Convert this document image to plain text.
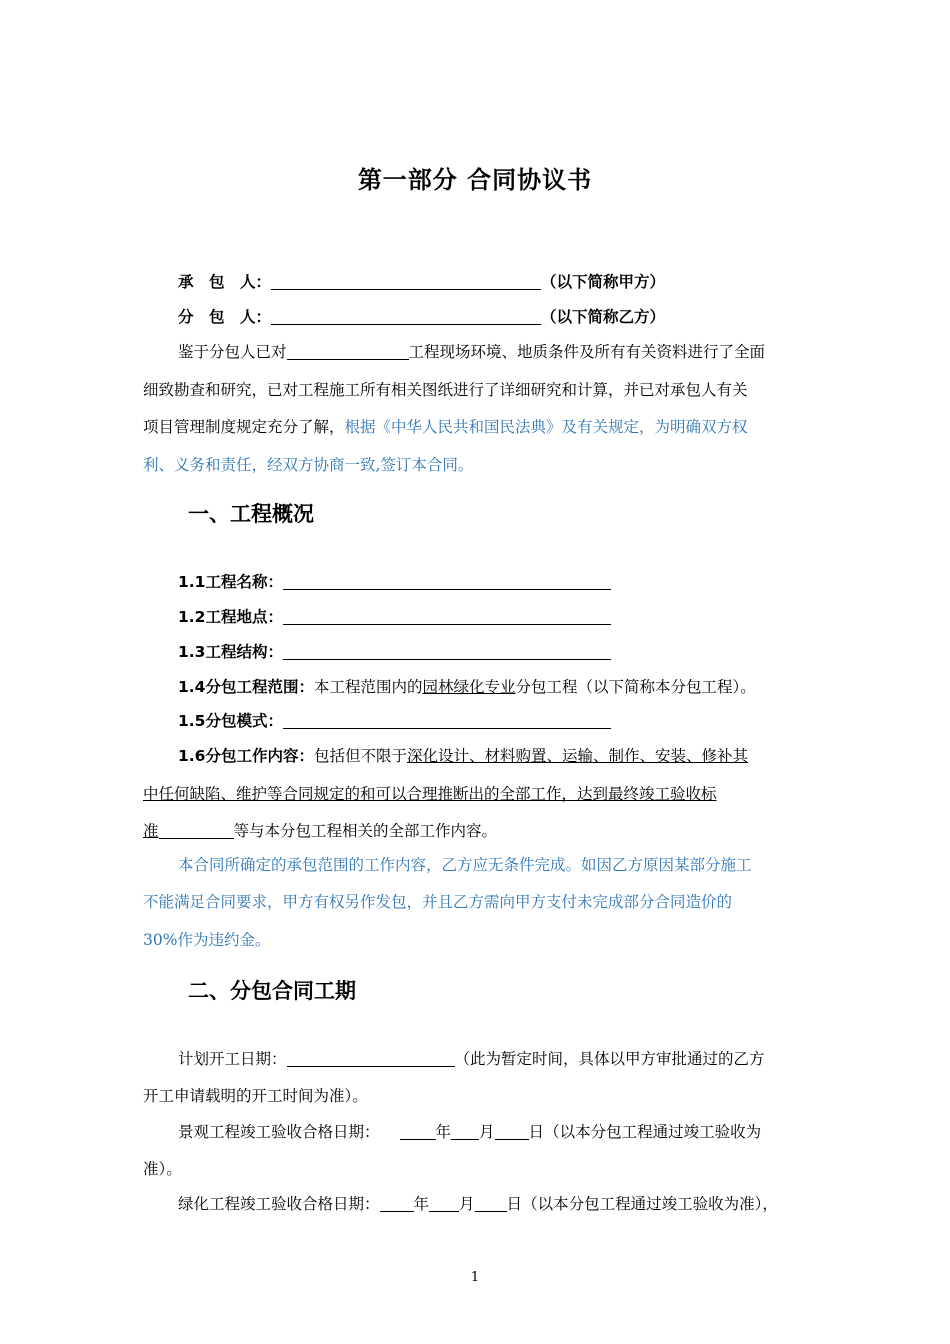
第一部分 合同协议书
承　包　人：	（以下简称甲方）
分　包　人：	（以下简称乙方）
鉴于分包人已对	工程现场环境、地质条件及所有有关资料进行了全面
细致勘查和研究，已对工程施工所有相关图纸进行了详细研究和计算，并已对承包人有关
项目管理制度规定充分了解，根据《中华人民共和国民法典》及有关规定，为明确双方权
利、义务和责任，经双方协商一致,签订本合同。
一、工程概况
1.1工程名称：
1.2工程地点：
1.3工程结构：
1.4分包工程范围：本工程范围内的园林绿化专业分包工程（以下简称本分包工程）。
1.5分包模式：
1.6分包工作内容：包括但不限于深化设计、材料购置、运输、制作、安装、修补其
中任何缺陷、维护等合同规定的和可以合理推断出的全部工作，达到最终竣工验收标
准	等与本分包工程相关的全部工作内容。
本合同所确定的承包范围的工作内容，乙方应无条件完成。如因乙方原因某部分施工
不能满足合同要求，甲方有权另作发包，并且乙方需向甲方支付未完成部分合同造价的
30%作为违约金。
二、分包合同工期
计划开工日期：	（此为暂定时间，具体以甲方审批通过的乙方
开工申请载明的开工时间为准）。
景观工程竣工验收合格日期：	年 月 日（以本分包工程通过竣工验收为
准）。
绿化工程竣工验收合格日期： 年 月 日（以本分包工程通过竣工验收为准），
1
